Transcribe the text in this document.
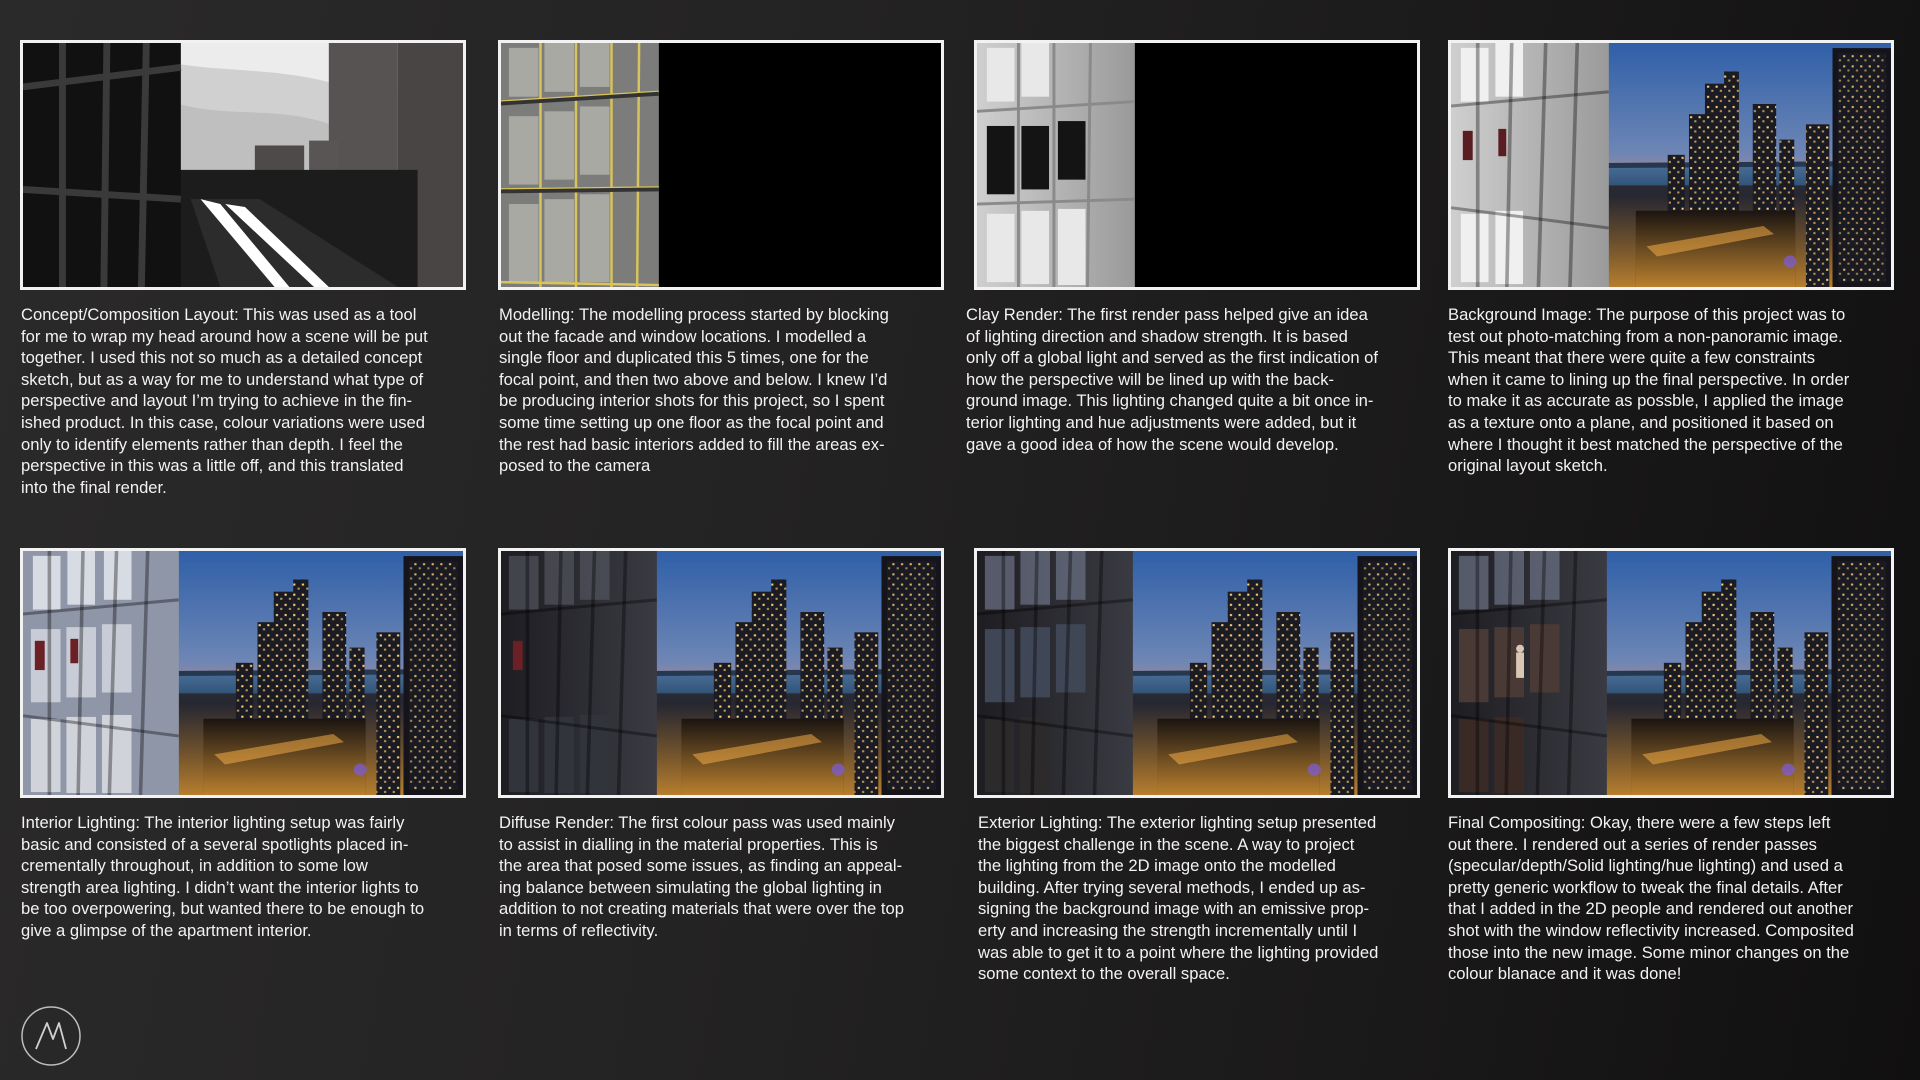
Concept/Composition Layout: This was used as a tool
for me to wrap my head around how a scene will be put
together. I used this not so much as a detailed concept
sketch, but as a way for me to understand what type of
perspective and layout I’m trying to achieve in the fin-
ished product. In this case, colour variations were used
only to identify elements rather than depth. I feel the
perspective in this was a little off, and this translated
into the final render.
Modelling: The modelling process started by blocking
out the facade and window locations. I modelled a
single floor and duplicated this 5 times, one for the
focal point, and then two above and below. I knew I’d
be producing interior shots for this project, so I spent
some time setting up one floor as the focal point and
the rest had basic interiors added to fill the areas ex-
posed to the camera
Clay Render: The first render pass helped give an idea
of lighting direction and shadow strength. It is based
only off a global light and served as the first indication of
how the perspective will be lined up with the back-
ground image. This lighting changed quite a bit once in-
terior lighting and hue adjustments were added, but it
gave a good idea of how the scene would develop.
Background Image: The purpose of this project was to
test out photo-matching from a non-panoramic image.
This meant that there were quite a few constraints
when it came to lining up the final perspective. In order
to make it as accurate as possble, I applied the image
as a texture onto a plane, and positioned it based on
where I thought it best matched the perspective of the
original layout sketch.
Interior Lighting: The interior lighting setup was fairly
basic and consisted of a several spotlights placed in-
crementally throughout, in addition to some low
strength area lighting. I didn’t want the interior lights to
be too overpowering, but wanted there to be enough to
give a glimpse of the apartment interior.
Diffuse Render: The first colour pass was used mainly
to assist in dialling in the material properties. This is
the area that posed some issues, as finding an appeal-
ing balance between simulating the global lighting in
addition to not creating materials that were over the top
in terms of reflectivity.
Exterior Lighting: The exterior lighting setup presented
the biggest challenge in the scene. A way to project
the lighting from the 2D image onto the modelled
building. After trying several methods, I ended up as-
signing the background image with an emissive prop-
erty and increasing the strength incrementally until I
was able to get it to a point where the lighting provided
some context to the overall space.
Final Compositing: Okay, there were a few steps left
out there. I rendered out a series of render passes
(specular/depth/Solid lighting/hue lighting) and used a
pretty generic workflow to tweak the final details. After
that I added in the 2D people and rendered out another
shot with the window reflectivity increased. Composited
those into the new image. Some minor changes on the
colour blanace and it was done!
